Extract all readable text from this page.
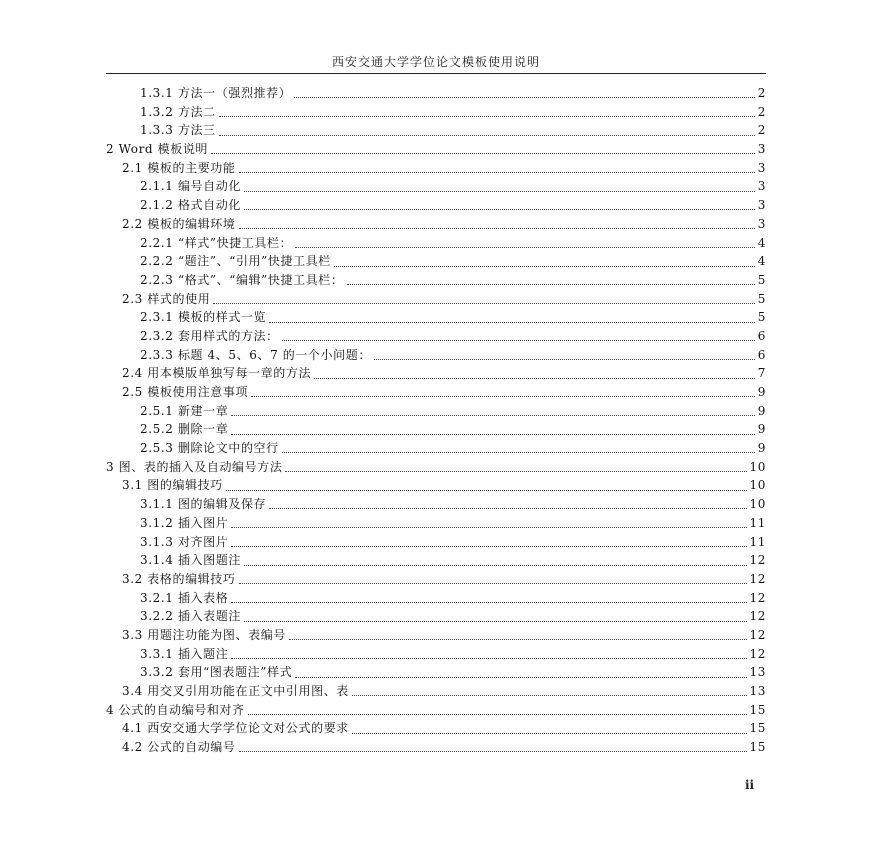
西安交通大学学位论文模板使用说明
1.3.1 方法一（强烈推荐）	2
1.3.2 方法二	2
1.3.3 方法三	2
2 Word 模板说明	3
2.1 模板的主要功能	3
2.1.1 编号自动化	3
2.1.2 格式自动化	3
2.2 模板的编辑环境	3
2.2.1 “样式”快捷工具栏：	4
2.2.2 “题注”、“引用”快捷工具栏	4
2.2.3 “格式”、“编辑”快捷工具栏：	5
2.3 样式的使用	5
2.3.1 模板的样式一览	5
2.3.2 套用样式的方法：	6
2.3.3 标题 4、5、6、7 的一个小问题：	6
2.4 用本模版单独写每一章的方法	7
2.5 模板使用注意事项	9
2.5.1 新建一章	9
2.5.2 删除一章	9
2.5.3 删除论文中的空行	9
3 图、表的插入及自动编号方法	10
3.1 图的编辑技巧	10
3.1.1 图的编辑及保存	10
3.1.2 插入图片	11
3.1.3 对齐图片	11
3.1.4 插入图题注	12
3.2 表格的编辑技巧	12
3.2.1 插入表格	12
3.2.2 插入表题注	12
3.3 用题注功能为图、表编号	12
3.3.1 插入题注	12
3.3.2 套用“图表题注”样式	13
3.4 用交叉引用功能在正文中引用图、表	13
4 公式的自动编号和对齐	15
4.1 西安交通大学学位论文对公式的要求	15
4.2 公式的自动编号	15
ii
